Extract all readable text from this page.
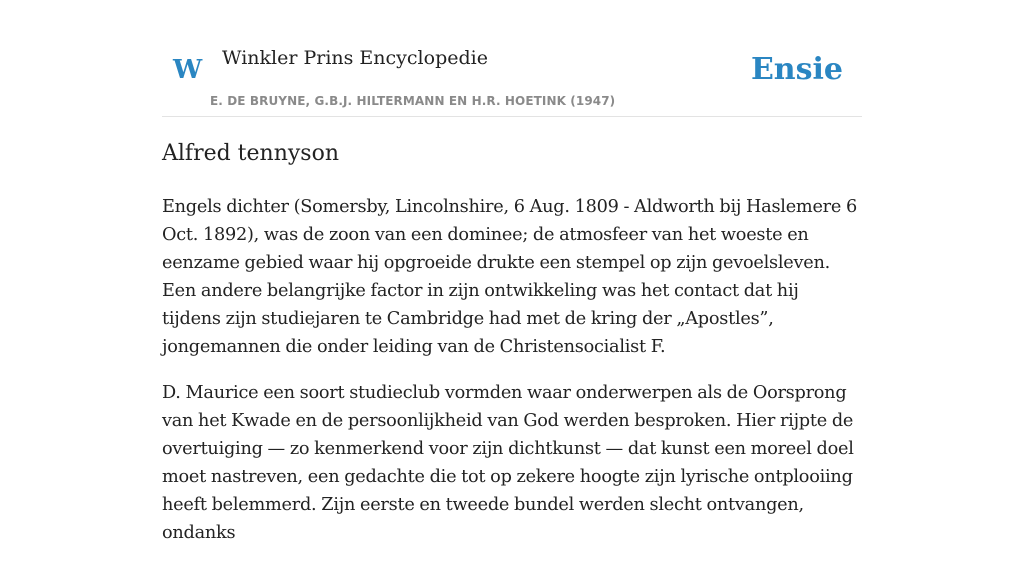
W Winkler Prins Encyclopedie
E. DE BRUYNE, G.B.J. HILTERMANN EN H.R. HOETINK (1947)
Ensie
Alfred tennyson

Engels dichter (Somersby, Lincolnshire, 6 Aug. 1809 - Aldworth bij Haslemere 6 Oct. 1892), was de zoon van een dominee; de atmosfeer van het woeste en eenzame gebied waar hij opgroeide drukte een stempel op zijn gevoelsleven. Een andere belangrijke factor in zijn ontwikkeling was het contact dat hij tijdens zijn studiejaren te Cambridge had met de kring der „Apostles”, jongemannen die onder leiding van de Christensocialist F.

D. Maurice een soort studieclub vormden waar onderwerpen als de Oorsprong van het Kwade en de persoonlijkheid van God werden besproken. Hier rijpte de overtuiging — zo kenmerkend voor zijn dichtkunst — dat kunst een moreel doel moet nastreven, een gedachte die tot op zekere hoogte zijn lyrische ontplooiing heeft belemmerd. Zijn eerste en tweede bundel werden slecht ontvangen, ondanks
